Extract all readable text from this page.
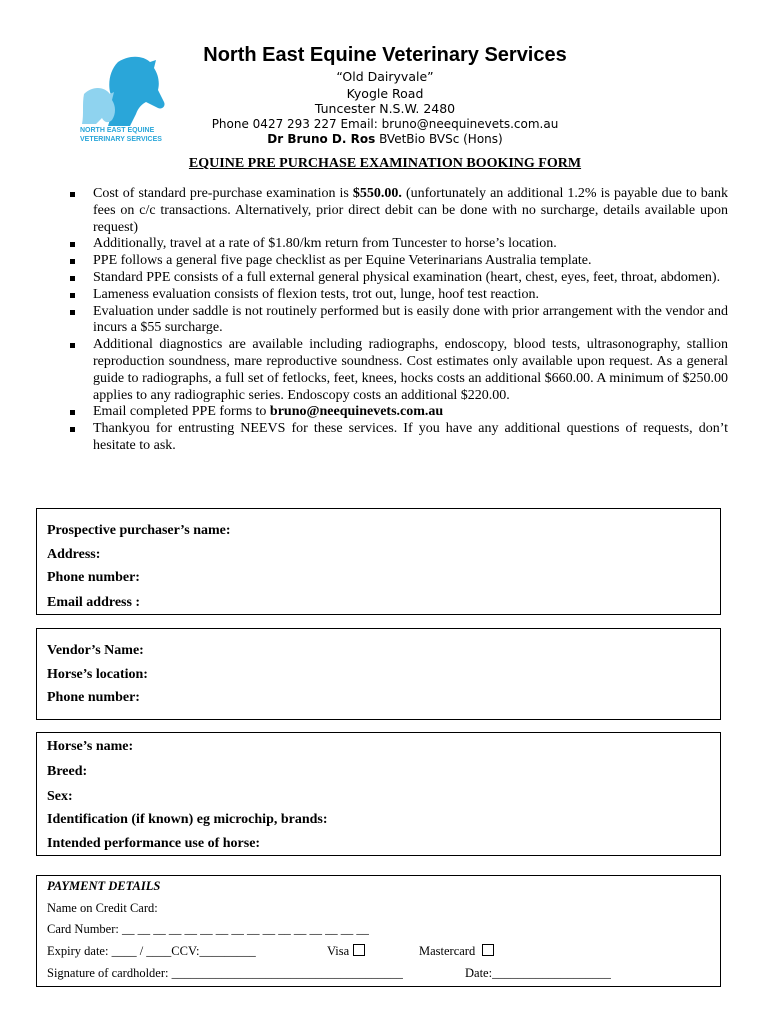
NORTH EAST EQUINE
VETERINARY SERVICES
North East Equine Veterinary Services
“Old Dairyvale”
Kyogle Road
Tuncester N.S.W. 2480
Phone 0427 293 227 Email: bruno@neequinevets.com.au
Dr Bruno D. Ros BVetBio BVSc (Hons)
EQUINE PRE PURCHASE EXAMINATION BOOKING FORM
Cost of standard pre-purchase examination is $550.00. (unfortunately an additional 1.2% is payable due to bank fees on c/c transactions. Alternatively, prior direct debit can be done with no surcharge, details available upon request)
Additionally, travel at a rate of $1.80/km return from Tuncester to horse’s location.
PPE follows a general five page checklist as per Equine Veterinarians Australia template.
Standard PPE consists of a full external general physical examination (heart, chest, eyes, feet, throat, abdomen).
Lameness evaluation consists of flexion tests, trot out, lunge, hoof test reaction.
Evaluation under saddle is not routinely performed but is easily done with prior arrangement with the vendor and incurs a $55 surcharge.
Additional diagnostics are available including radiographs, endoscopy, blood tests, ultrasonography, stallion reproduction soundness, mare reproductive soundness. Cost estimates only available upon request. As a general guide to radiographs, a full set of fetlocks, feet, knees, hocks costs an additional $660.00. A minimum of $250.00 applies to any radiographic series. Endoscopy costs an additional $220.00.
Email completed PPE forms to bruno@neequinevets.com.au
Thankyou for entrusting NEEVS for these services. If you have any additional questions of requests, don’t hesitate to ask.
Prospective purchaser’s name:
Address:
Phone number:
Email address :
Vendor’s Name:
Horse’s location:
Phone number:
Horse’s name:
Breed:
Sex:
Identification (if known) eg microchip, brands:
Intended performance use of horse:
PAYMENT DETAILS
Name on Credit Card:
Card Number: __ __ __ __ __ __ __ __ __ __ __ __ __ __ __ __
Expiry date: ____ / ____CCV:_________	Visa	Mastercard
Signature of cardholder: _____________________________________	Date:___________________
